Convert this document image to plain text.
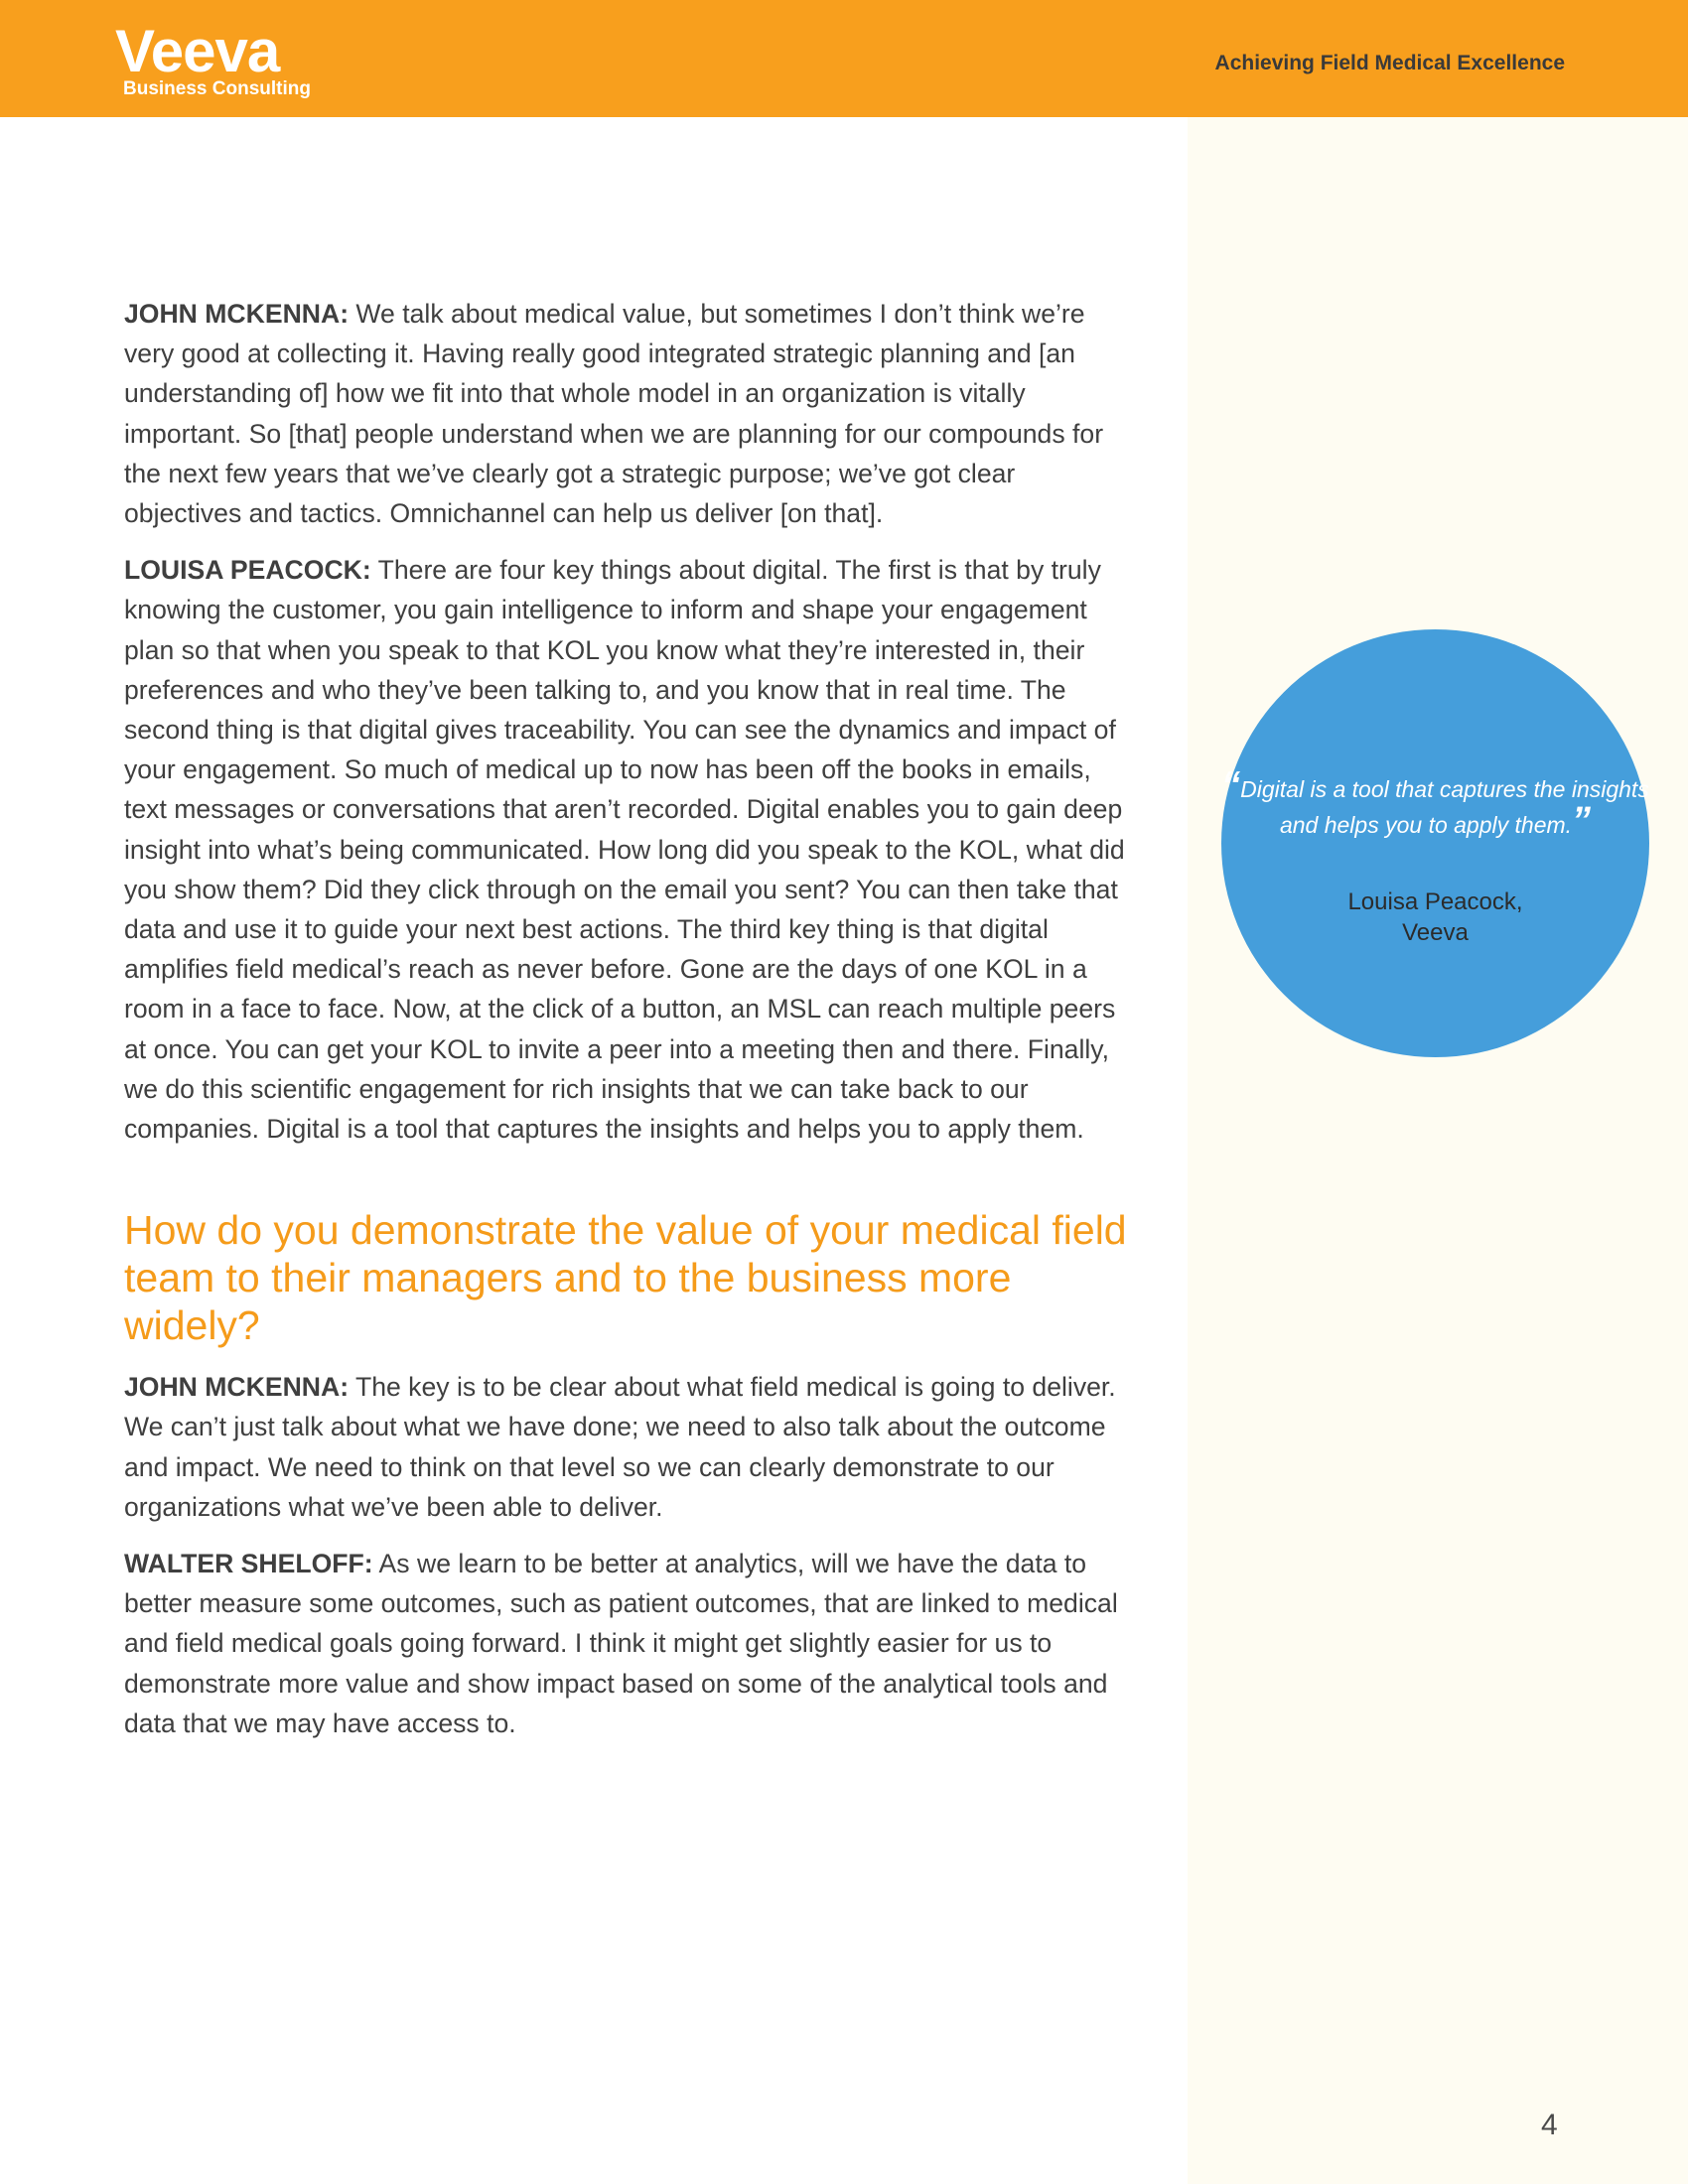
Veeva
Business Consulting
Achieving Field Medical Excellence

JOHN MCKENNA: We talk about medical value, but sometimes I don’t think we’re very good at collecting it. Having really good integrated strategic planning and [an understanding of] how we fit into that whole model in an organization is vitally important. So [that] people understand when we are planning for our compounds for the next few years that we’ve clearly got a strategic purpose; we’ve got clear objectives and tactics. Omnichannel can help us deliver [on that].

LOUISA PEACOCK: There are four key things about digital. The first is that by truly knowing the customer, you gain intelligence to inform and shape your engagement plan so that when you speak to that KOL you know what they’re interested in, their preferences and who they’ve been talking to, and you know that in real time. The second thing is that digital gives traceability. You can see the dynamics and impact of your engagement. So much of medical up to now has been off the books in emails, text messages or conversations that aren’t recorded. Digital enables you to gain deep insight into what’s being communicated. How long did you speak to the KOL, what did you show them? Did they click through on the email you sent? You can then take that data and use it to guide your next best actions. The third key thing is that digital amplifies field medical’s reach as never before. Gone are the days of one KOL in a room in a face to face. Now, at the click of a button, an MSL can reach multiple peers at once. You can get your KOL to invite a peer into a meeting then and there. Finally, we do this scientific engagement for rich insights that we can take back to our companies. Digital is a tool that captures the insights and helps you to apply them.

How do you demonstrate the value of your medical field team to their managers and to the business more widely?

JOHN MCKENNA: The key is to be clear about what field medical is going to deliver. We can’t just talk about what we have done; we need to also talk about the outcome and impact. We need to think on that level so we can clearly demonstrate to our organizations what we’ve been able to deliver.

WALTER SHELOFF: As we learn to be better at analytics, will we have the data to better measure some outcomes, such as patient outcomes, that are linked to medical and field medical goals going forward. I think it might get slightly easier for us to demonstrate more value and show impact based on some of the analytical tools and data that we may have access to.

“Digital is a tool that captures the insights and helps you to apply them.”
Louisa Peacock,
Veeva
4
